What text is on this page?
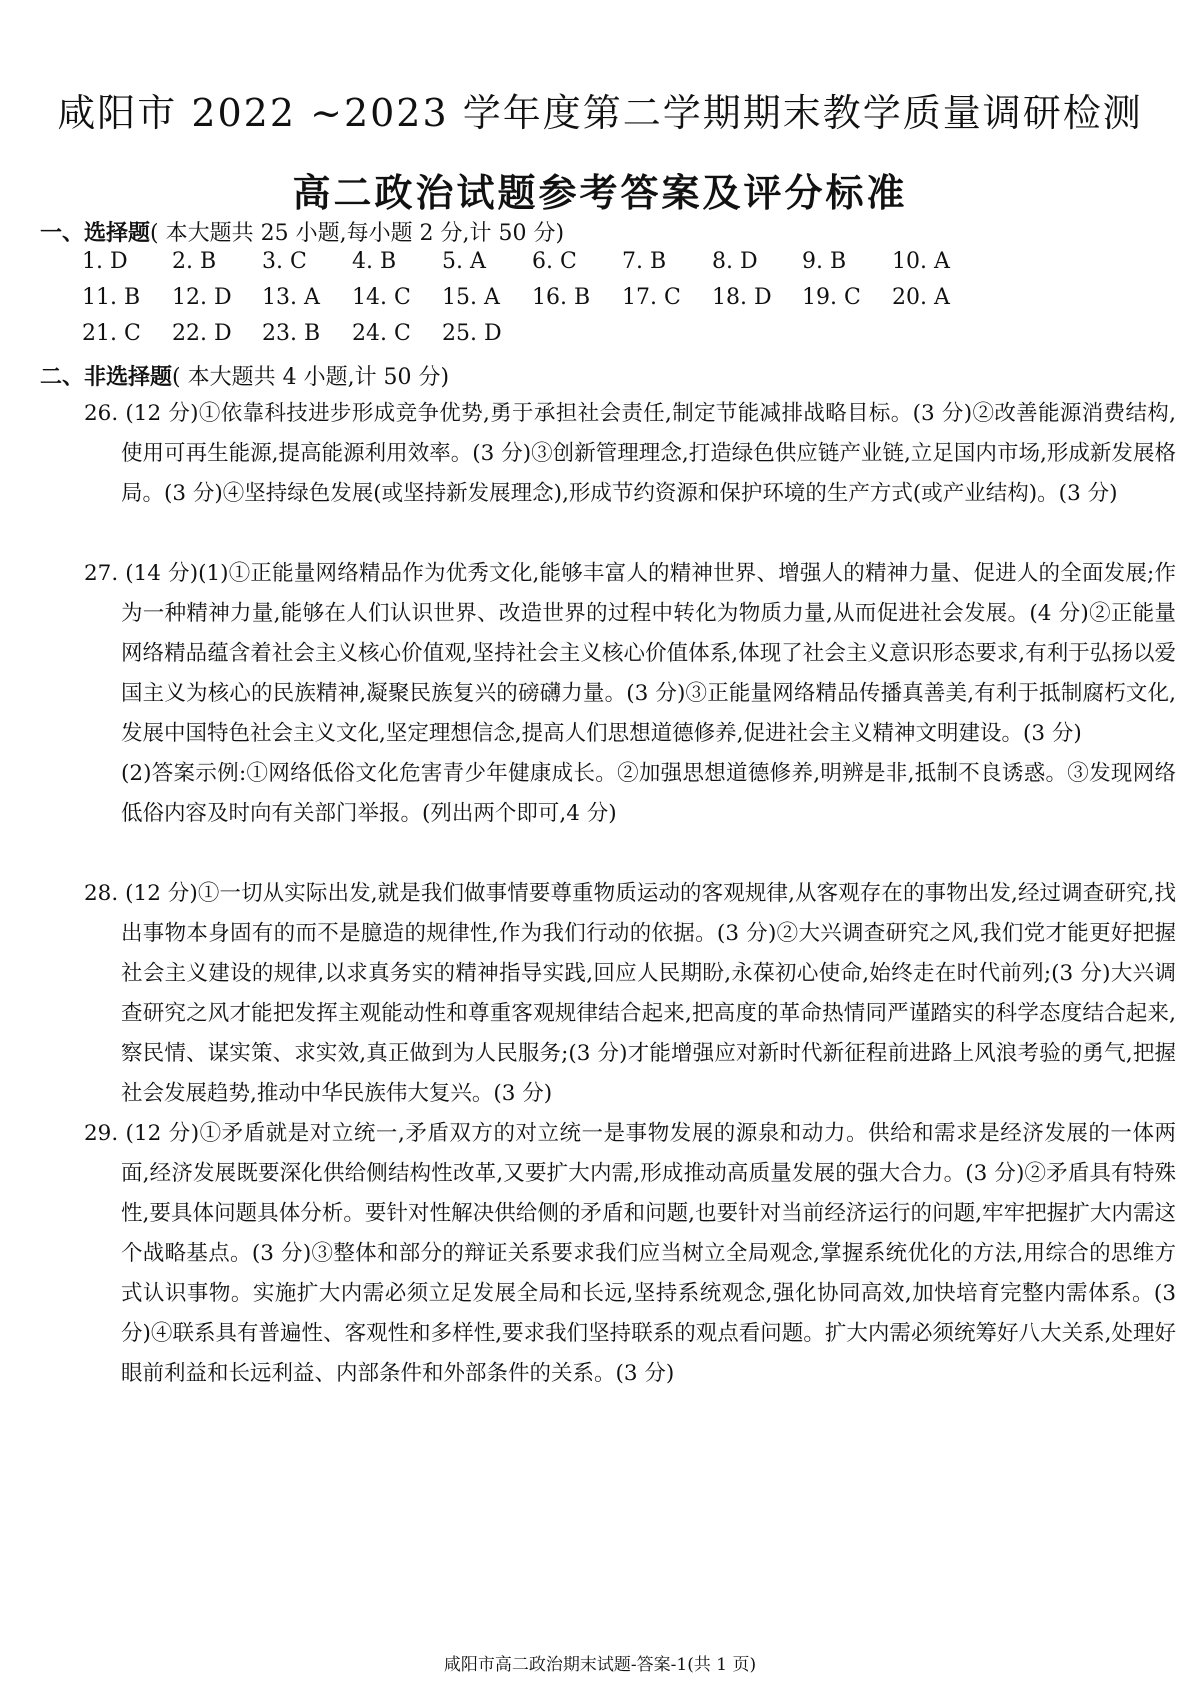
咸阳市 2022 ~2023 学年度第二学期期末教学质量调研检测
高二政治试题参考答案及评分标准
一、选择题( 本大题共 25 小题,每小题 2 分,计 50 分)
1. D	2. B	3. C	4. B	5. A	6. C	7. B	8. D	9. B	10. A
11. B	12. D	13. A	14. C	15. A	16. B	17. C	18. D	19. C	20. A
21. C	22. D	23. B	24. C	25. D
二、非选择题( 本大题共 4 小题,计 50 分)

26. (12 分)①依靠科技进步形成竞争优势,勇于承担社会责任,制定节能减排战略目标。(3 分)②改善能源消费结构,使用可再生能源,提高能源利用效率。(3 分)③创新管理理念,打造绿色供应链产业链,立足国内市场,形成新发展格局。(3 分)④坚持绿色发展(或坚持新发展理念),形成节约资源和保护环境的生产方式(或产业结构)。(3 分)

27. (14 分)(1)①正能量网络精品作为优秀文化,能够丰富人的精神世界、增强人的精神力量、促进人的全面发展;作为一种精神力量,能够在人们认识世界、改造世界的过程中转化为物质力量,从而促进社会发展。(4 分)②正能量网络精品蕴含着社会主义核心价值观,坚持社会主义核心价值体系,体现了社会主义意识形态要求,有利于弘扬以爱国主义为核心的民族精神,凝聚民族复兴的磅礴力量。(3 分)③正能量网络精品传播真善美,有利于抵制腐朽文化,发展中国特色社会主义文化,坚定理想信念,提高人们思想道德修养,促进社会主义精神文明建设。(3 分)

(2)答案示例:①网络低俗文化危害青少年健康成长。②加强思想道德修养,明辨是非,抵制不良诱惑。③发现网络低俗内容及时向有关部门举报。(列出两个即可,4 分)

28. (12 分)①一切从实际出发,就是我们做事情要尊重物质运动的客观规律,从客观存在的事物出发,经过调查研究,找出事物本身固有的而不是臆造的规律性,作为我们行动的依据。(3 分)②大兴调查研究之风,我们党才能更好把握社会主义建设的规律,以求真务实的精神指导实践,回应人民期盼,永葆初心使命,始终走在时代前列;(3 分)大兴调查研究之风才能把发挥主观能动性和尊重客观规律结合起来,把高度的革命热情同严谨踏实的科学态度结合起来,察民情、谋实策、求实效,真正做到为人民服务;(3 分)才能增强应对新时代新征程前进路上风浪考验的勇气,把握社会发展趋势,推动中华民族伟大复兴。(3 分)

29. (12 分)①矛盾就是对立统一,矛盾双方的对立统一是事物发展的源泉和动力。供给和需求是经济发展的一体两面,经济发展既要深化供给侧结构性改革,又要扩大内需,形成推动高质量发展的强大合力。(3 分)②矛盾具有特殊性,要具体问题具体分析。要针对性解决供给侧的矛盾和问题,也要针对当前经济运行的问题,牢牢把握扩大内需这个战略基点。(3 分)③整体和部分的辩证关系要求我们应当树立全局观念,掌握系统优化的方法,用综合的思维方式认识事物。实施扩大内需必须立足发展全局和长远,坚持系统观念,强化协同高效,加快培育完整内需体系。(3 分)④联系具有普遍性、客观性和多样性,要求我们坚持联系的观点看问题。扩大内需必须统筹好八大关系,处理好眼前利益和长远利益、内部条件和外部条件的关系。(3 分)

咸阳市高二政治期末试题-答案-1(共 1 页)
